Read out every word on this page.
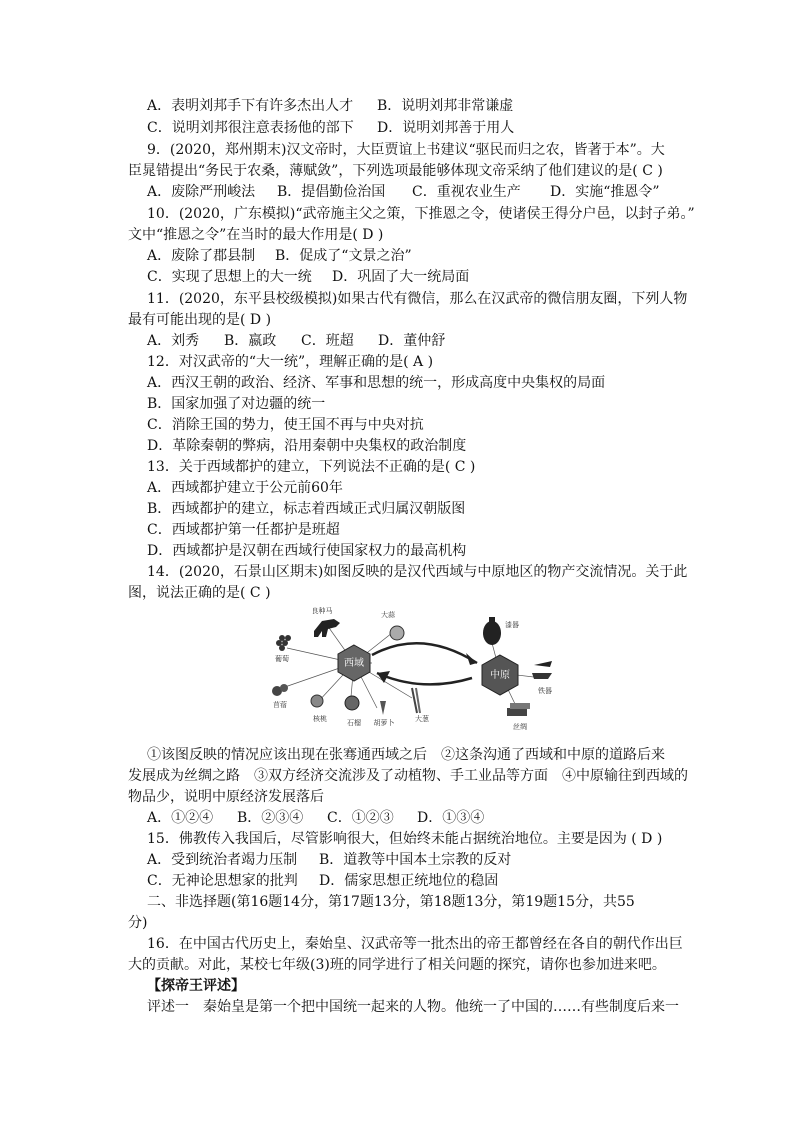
A．表明刘邦手下有许多杰出人才 B．说明刘邦非常谦虚
C．说明刘邦很注意表扬他的部下 D．说明刘邦善于用人
9．(2020，郑州期末)汉文帝时，大臣贾谊上书建议“驱民而归之农，皆著于本”。大
臣晁错提出“务民于农桑，薄赋敛”，下列选项最能够体现文帝采纳了他们建议的是( C )
A．废除严刑峻法 B．提倡勤俭治国 C．重视农业生产 D．实施“推恩令”
10．(2020，广东模拟)“武帝施主父之策，下推恩之令，使诸侯王得分户邑，以封子弟。”
文中“推恩之令”在当时的最大作用是( D )
A．废除了郡县制 B．促成了“文景之治”
C．实现了思想上的大一统 D．巩固了大一统局面
11．(2020，东平县校级模拟)如果古代有微信，那么在汉武帝的微信朋友圈，下列人物
最有可能出现的是( D )
A．刘秀 B．嬴政 C．班超 D．董仲舒
12．对汉武帝的“大一统”，理解正确的是( A )
A．西汉王朝的政治、经济、军事和思想的统一，形成高度中央集权的局面
B．国家加强了对边疆的统一
C．消除王国的势力，使王国不再与中央对抗
D．革除秦朝的弊病，沿用秦朝中央集权的政治制度
13．关于西域都护的建立，下列说法不正确的是( C )
A．西域都护建立于公元前60年
B．西域都护的建立，标志着西域正式归属汉朝版图
C．西域都护第一任都护是班超
D．西域都护是汉朝在西域行使国家权力的最高机构
14．(2020，石景山区期末)如图反映的是汉代西域与中原地区的物产交流情况。关于此
图，说法正确的是( C )
西域
中原
良种马
葡萄
苜蓿
大蒜
核桃	石榴 胡萝卜	大葱
漆器
铁器
丝绸
①该图反映的情况应该出现在张骞通西域之后　②这条沟通了西域和中原的道路后来
发展成为丝绸之路　③双方经济交流涉及了动植物、手工业品等方面　④中原输往到西域的
物品少，说明中原经济发展落后
A．①②④ B．②③④ C．①②③ D．①③④
15．佛教传入我国后，尽管影响很大，但始终未能占据统治地位。主要是因为 ( D )
A．受到统治者竭力压制 B．道教等中国本土宗教的反对
C．无神论思想家的批判 D．儒家思想正统地位的稳固
二、非选择题(第16题14分，第17题13分，第18题13分，第19题15分，共55
分)
16．在中国古代历史上，秦始皇、汉武帝等一批杰出的帝王都曾经在各自的朝代作出巨
大的贡献。对此，某校七年级(3)班的同学进行了相关问题的探究，请你也参加进来吧。
【探帝王评述】
评述一　秦始皇是第一个把中国统一起来的人物。他统一了中国的……有些制度后来一
